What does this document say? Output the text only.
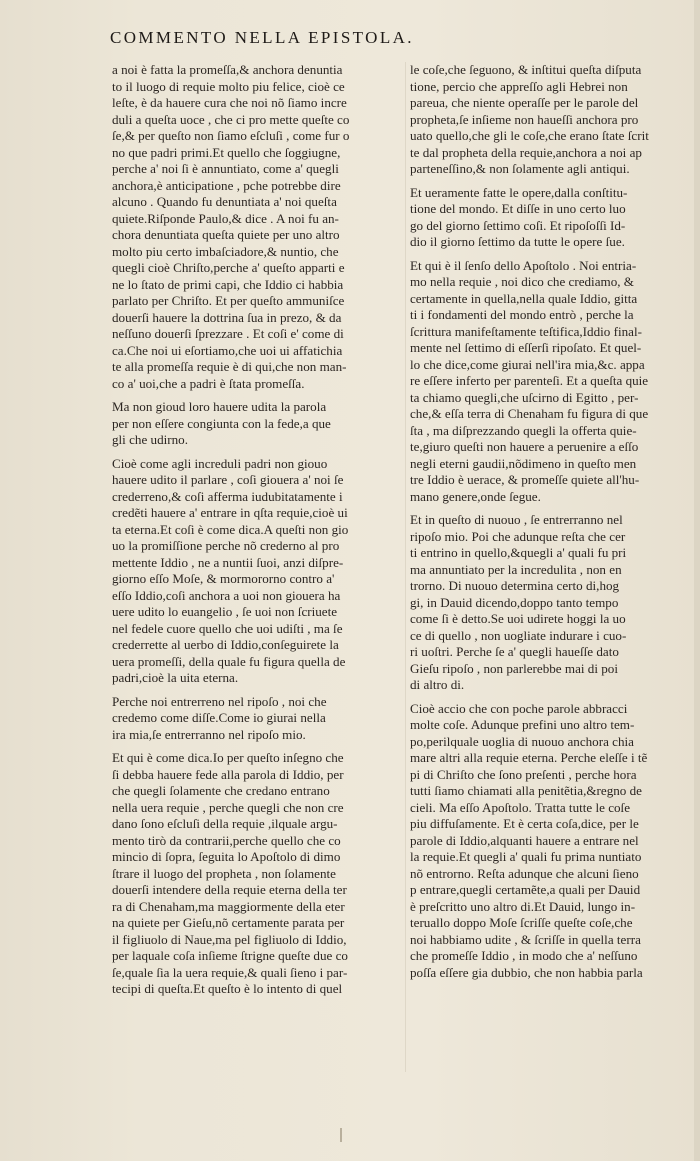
COMMENTO NELLA EPISTOLA.
a noi è fatta la promeſſa,& anchora denuntia
to il luogo di requie molto piu felice, cioè ce
leſte, è da hauere cura che noi nõ ſiamo incre
duli a queſta uoce , che ci pro mette queſte co
ſe,& per queſto non ſiamo eſcluſi , come fur o
no que padri primi.Et quello che ſoggiugne,
perche a' noi ſi è annuntiato, come a' quegli
anchora,è anticipatione , pche potrebbe dire
alcuno . Quando fu denuntiata a' noi queſta
quiete.Riſponde Paulo,& dice . A noi fu an-
chora denuntiata queſta quiete per uno altro
molto piu certo imbaſciadore,& nuntio, che
quegli cioè Chriſto,perche a' queſto apparti e
ne lo ſtato de primi capi, che Iddio ci habbia
parlato per Chriſto. Et per queſto ammuniſce
douerſi hauere la dottrina ſua in prezo, & da
neſſuno douerſi ſprezzare . Et coſi e' come di
ca.Che noi ui eſortiamo,che uoi ui affatichia
te alla promeſſa requie è di qui,che non man-
co a' uoi,che a padri è ſtata promeſſa.
Ma non gioud loro hauere udita la parola
per non eſſere congiunta con la fede,a que
gli che udirno.
Cioè come agli increduli padri non giouo
hauere udito il parlare , coſi giouera a' noi ſe
crederreno,& coſi afferma iudubitatamente i
credẽti hauere a' entrare in qſta requie,cioè ui
ta eterna.Et coſi è come dica.A queſti non gio
uo la promiſſione perche nõ crederno al pro
mettente Iddio , ne a nuntii ſuoi, anzi diſpre-
giorno eſſo Moſe, & mormororno contro a'
eſſo Iddio,coſi anchora a uoi non giouera ha
uere udito lo euangelio , ſe uoi non ſcriuete
nel fedele cuore quello che uoi udiſti , ma ſe
crederrette al uerbo di Iddio,conſeguirete la
uera promeſſi, della quale fu figura quella de
padri,cioè la uita eterna.
Perche noi entrerreno nel ripoſo , noi che
credemo come diſſe.Come io giurai nella
ira mia,ſe entrerranno nel ripoſo mio.
Et qui è come dica.Io per queſto inſegno che
ſi debba hauere fede alla parola di Iddio, per
che quegli ſolamente che credano entrano
nella uera requie , perche quegli che non cre
dano ſono eſcluſi della requie ,ilquale argu-
mento tirò da contrarii,perche quello che co
mincio di ſopra, ſeguita lo Apoſtolo di dimo
ſtrare il luogo del propheta , non ſolamente
douerſi intendere della requie eterna della ter
ra di Chenaham,ma maggiormente della eter
na quiete per Gieſu,nõ certamente parata per
il figliuolo di Naue,ma pel figliuolo di Iddio,
per laquale coſa inſieme ſtrigne queſte due co
ſe,quale ſia la uera requie,& quali ſieno i par-
tecipi di queſta.Et queſto è lo intento di quel
le coſe,che ſeguono, & inſtitui queſta diſputa
tione, percio che appreſſo agli Hebrei non
pareua, che niente operaſſe per le parole del
propheta,ſe inſieme non haueſſi anchora pro
uato quello,che gli le coſe,che erano ſtate ſcrit
te dal propheta della requie,anchora a noi ap
parteneſſino,& non ſolamente agli antiqui.
Et ueramente fatte le opere,dalla conſtitu-
tione del mondo. Et diſſe in uno certo luo
go del giorno ſettimo coſi. Et ripoſoſſi Id-
dio il giorno ſettimo da tutte le opere ſue.
Et qui è il ſenſo dello Apoſtolo . Noi entria-
mo nella requie , noi dico che crediamo, &
certamente in quella,nella quale Iddio, gitta
ti i fondamenti del mondo entrò , perche la
ſcrittura manifeſtamente teſtifica,Iddio final-
mente nel ſettimo di eſſerſi ripoſato. Et quel-
lo che dice,come giurai nell'ira mia,&c. appa
re eſſere inferto per parenteſi. Et a queſta quie
ta chiamo quegli,che uſcirno di Egitto , per-
che,& eſſa terra di Chenaham fu figura di que
ſta , ma diſprezzando quegli la offerta quie-
te,giuro queſti non hauere a peruenire a eſſo
negli eterni gaudii,nõdimeno in queſto men
tre Iddio è uerace, & promeſſe quiete all'hu-
mano genere,onde ſegue.
Et in queſto di nuouo , ſe entrerranno nel
ripoſo mio. Poi che adunque reſta che cer
ti entrino in quello,&quegli a' quali fu pri
ma annuntiato per la incredulita , non en
trorno. Di nuouo determina certo di,hog
gi, in Dauid dicendo,doppo tanto tempo
come ſi è detto.Se uoi udirete hoggi la uo
ce di quello , non uogliate indurare i cuo-
ri uoſtri. Perche ſe a' quegli haueſſe dato
Gieſu ripoſo , non parlerebbe mai di poi
di altro di.
Cioè accio che con poche parole abbracci
molte coſe. Adunque prefini uno altro tem-
po,perilquale uoglia di nuouo anchora chia
mare altri alla requie eterna. Perche eleſſe i tẽ
pi di Chriſto che ſono preſenti , perche hora
tutti ſiamo chiamati alla penitẽtia,&regno de
cieli. Ma eſſo Apoſtolo. Tratta tutte le coſe
piu diffuſamente. Et è certa coſa,dice, per le
parole di Iddio,alquanti hauere a entrare nel
la requie.Et quegli a' quali fu prima nuntiato
nõ entrorno. Reſta adunque che alcuni ſieno
p entrare,quegli certamẽte,a quali per Dauid
è preſcritto uno altro di.Et Dauid, lungo in-
teruallo doppo Moſe ſcriſſe queſte coſe,che
noi habbiamo udite , & ſcriſſe in quella terra
che promeſſe Iddio , in modo che a' neſſuno
poſſa eſſere gia dubbio, che non habbia parla
